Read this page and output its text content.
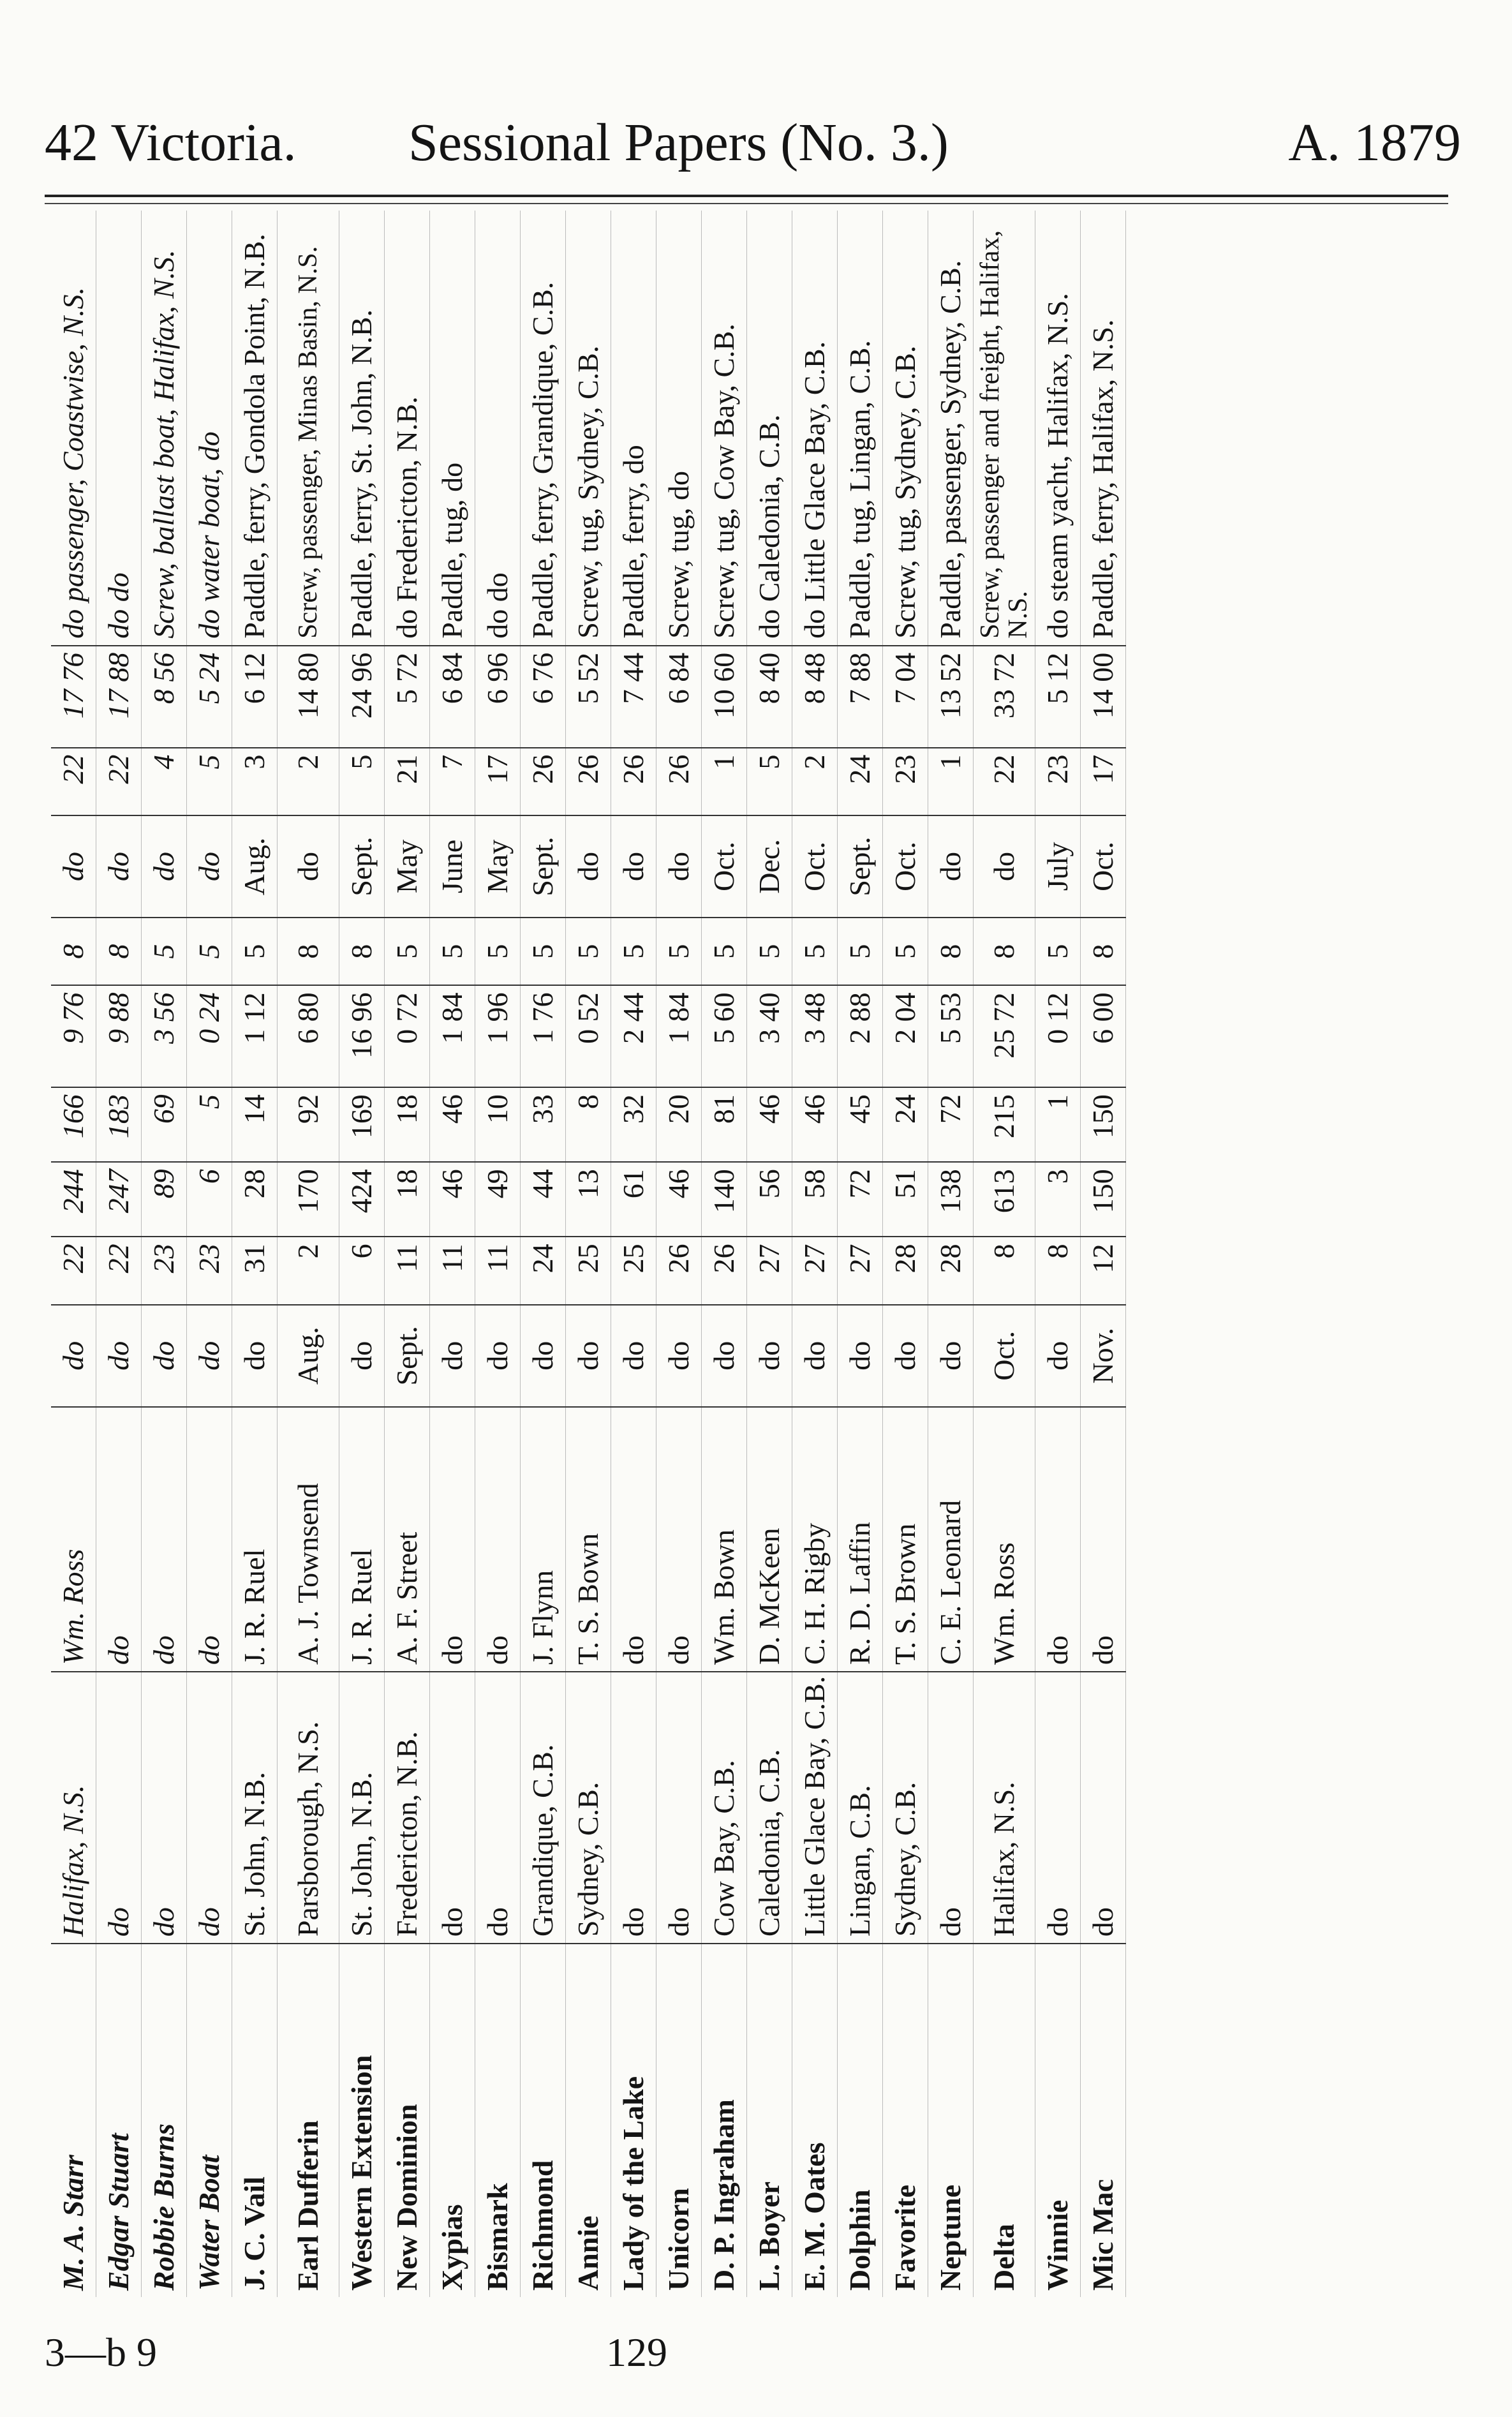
42 Victoria. Sessional Papers (No. 3.)	A. 1879
M. A. Starr	Halifax, N.S.	Wm. Ross	do	22	244	166	9 76	8	do	22	17 76	do passenger, Coastwise, N.S.
Edgar Stuart	do	do	do	22	247	183	9 88	8	do	22	17 88	do do
Robbie Burns	do	do	do	23	89	69	3 56	5	do	4	8 56	Screw, ballast boat, Halifax, N.S.
Water Boat	do	do	do	23	6	5	0 24	5	do	5	5 24	do water boat, do
J. C. Vail	St. John, N.B.	J. R. Ruel	do	31	28	14	1 12	5	Aug.	3	6 12	Paddle, ferry, Gondola Point, N.B.
Earl Dufferin	Parsborough, N.S.	A. J. Townsend	Aug.	2	170	92	6 80	8	do	2	14 80	Screw, passenger, Minas Basin, N.S.
Western Extension	St. John, N.B.	J. R. Ruel	do	6	424	169	16 96	8	Sept.	5	24 96	Paddle, ferry, St. John, N.B.
New Dominion	Fredericton, N.B.	A. F. Street	Sept.	11	18	18	0 72	5	May	21	5 72	do Fredericton, N.B.
Xypias	do	do	do	11	46	46	1 84	5	June	7	6 84	Paddle, tug, do
Bismark	do	do	do	11	49	10	1 96	5	May	17	6 96	do do
Richmond	Grandique, C.B.	J. Flynn	do	24	44	33	1 76	5	Sept.	26	6 76	Paddle, ferry, Grandique, C.B.
Annie	Sydney, C.B.	T. S. Bown	do	25	13	8	0 52	5	do	26	5 52	Screw, tug, Sydney, C.B.
Lady of the Lake	do	do	do	25	61	32	2 44	5	do	26	7 44	Paddle, ferry, do
Unicorn	do	do	do	26	46	20	1 84	5	do	26	6 84	Screw, tug, do
D. P. Ingraham	Cow Bay, C.B.	Wm. Bown	do	26	140	81	5 60	5	Oct.	1	10 60	Screw, tug, Cow Bay, C.B.
L. Boyer	Caledonia, C.B.	D. McKeen	do	27	56	46	3 40	5	Dec.	5	8 40	do Caledonia, C.B.
E. M. Oates	Little Glace Bay, C.B.	C. H. Rigby	do	27	58	46	3 48	5	Oct.	2	8 48	do Little Glace Bay, C.B.
Dolphin	Lingan, C.B.	R. D. Laffin	do	27	72	45	2 88	5	Sept.	24	7 88	Paddle, tug, Lingan, C.B.
Favorite	Sydney, C.B.	T. S. Brown	do	28	51	24	2 04	5	Oct.	23	7 04	Screw, tug, Sydney, C.B.
Neptune	do	C. E. Leonard	do	28	138	72	5 53	8	do	1	13 52	Paddle, passenger, Sydney, C.B.
Delta	Halifax, N.S.	Wm. Ross	Oct.	8	613	215	25 72	8	do	22	33 72	Screw, passenger and freight, Halifax, N.S.
Winnie	do	do	do	8	3	1	0 12	5	July	23	5 12	do steam yacht, Halifax, N.S.
Mic Mac	do	do	Nov.	12	150	150	6 00	8	Oct.	17	14 00	Paddle, ferry, Halifax, N.S.
3—b 9	129
